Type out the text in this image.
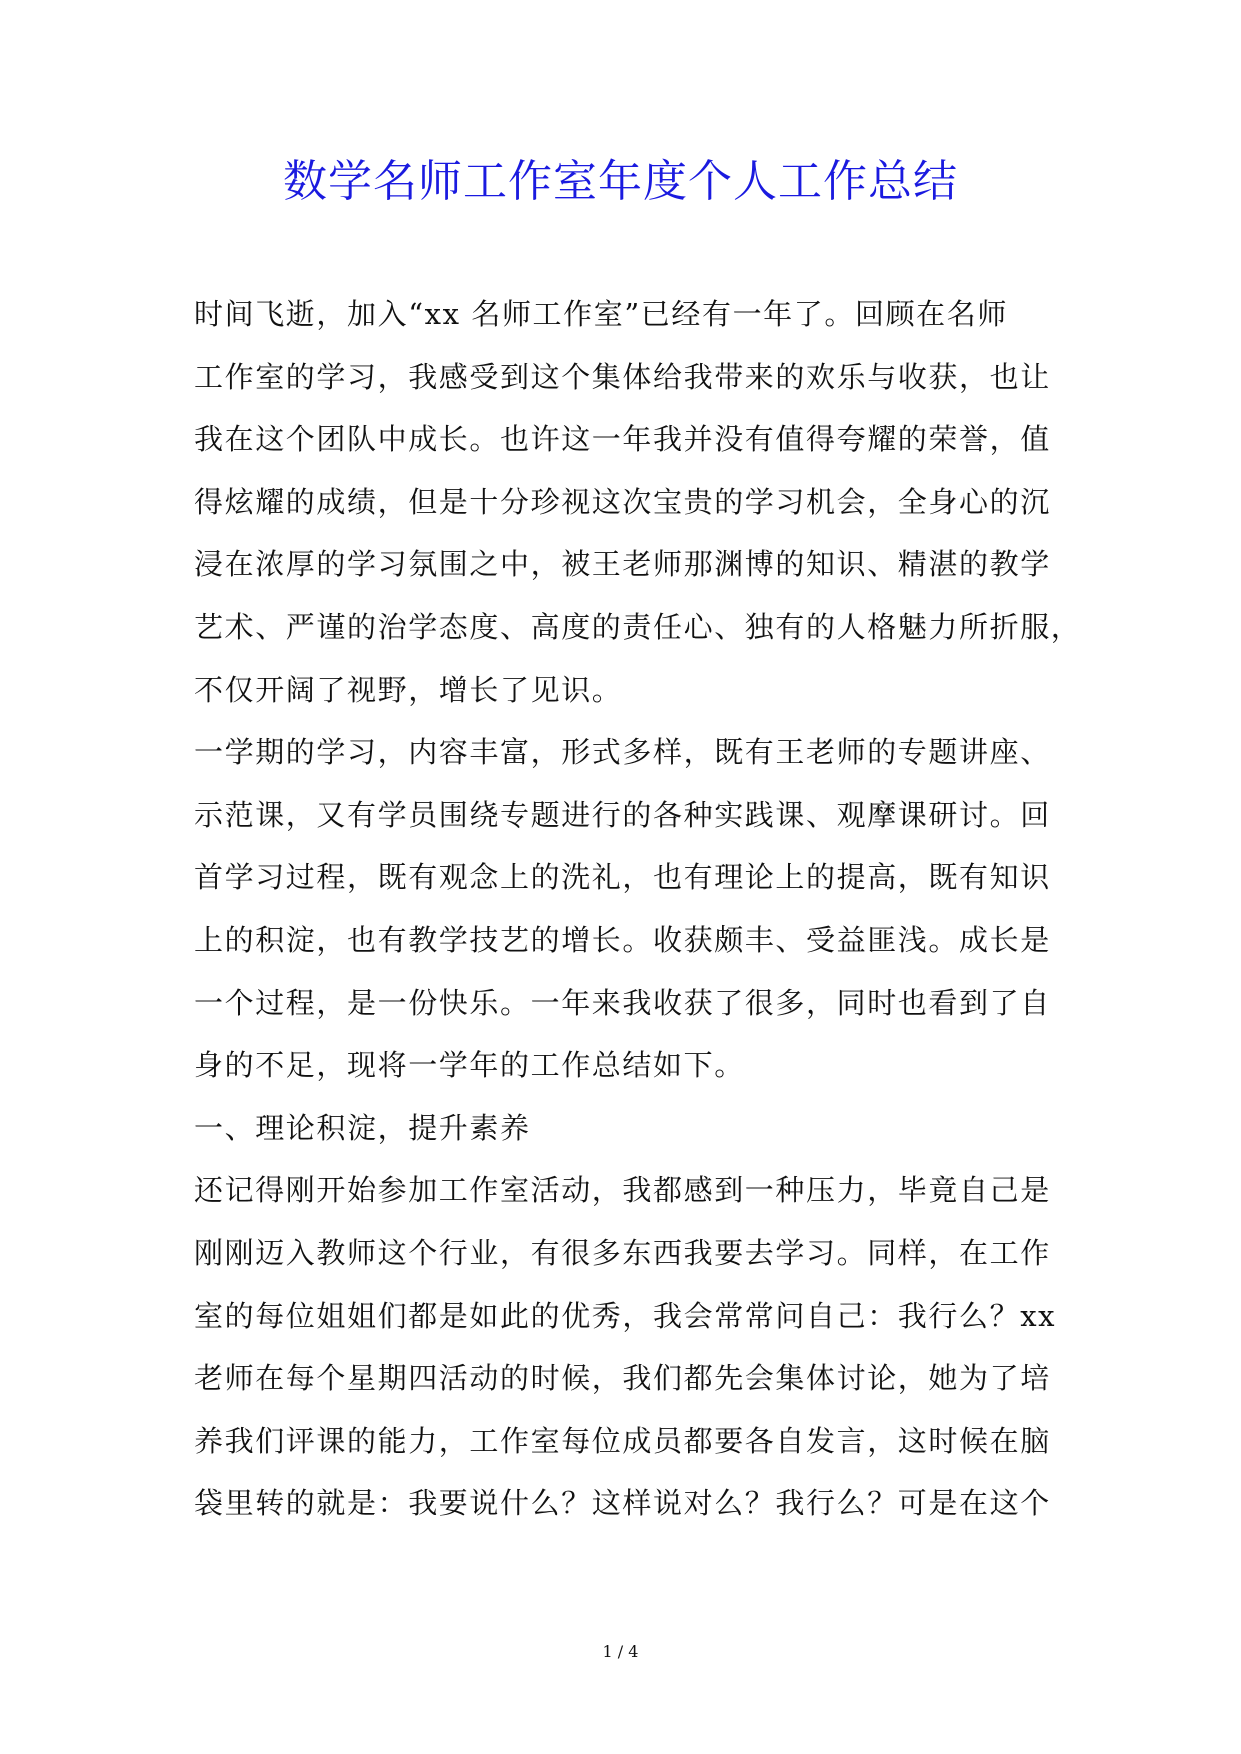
数学名师工作室年度个人工作总结
时间飞逝，加入“xx 名师工作室”已经有一年了。回顾在名师
工作室的学习，我感受到这个集体给我带来的欢乐与收获，也让
我在这个团队中成长。也许这一年我并没有值得夸耀的荣誉，值
得炫耀的成绩，但是十分珍视这次宝贵的学习机会，全身心的沉
浸在浓厚的学习氛围之中，被王老师那渊博的知识、精湛的教学
艺术、严谨的治学态度、高度的责任心、独有的人格魅力所折服，
不仅开阔了视野，增长了见识。
一学期的学习，内容丰富，形式多样，既有王老师的专题讲座、
示范课，又有学员围绕专题进行的各种实践课、观摩课研讨。回
首学习过程，既有观念上的洗礼，也有理论上的提高，既有知识
上的积淀，也有教学技艺的增长。收获颇丰、受益匪浅。成长是
一个过程，是一份快乐。一年来我收获了很多，同时也看到了自
身的不足，现将一学年的工作总结如下。
一、理论积淀，提升素养
还记得刚开始参加工作室活动，我都感到一种压力，毕竟自己是
刚刚迈入教师这个行业，有很多东西我要去学习。同样，在工作
室的每位姐姐们都是如此的优秀，我会常常问自己：我行么？xx
老师在每个星期四活动的时候，我们都先会集体讨论，她为了培
养我们评课的能力，工作室每位成员都要各自发言，这时候在脑
袋里转的就是：我要说什么？这样说对么？我行么？可是在这个
1 / 4
